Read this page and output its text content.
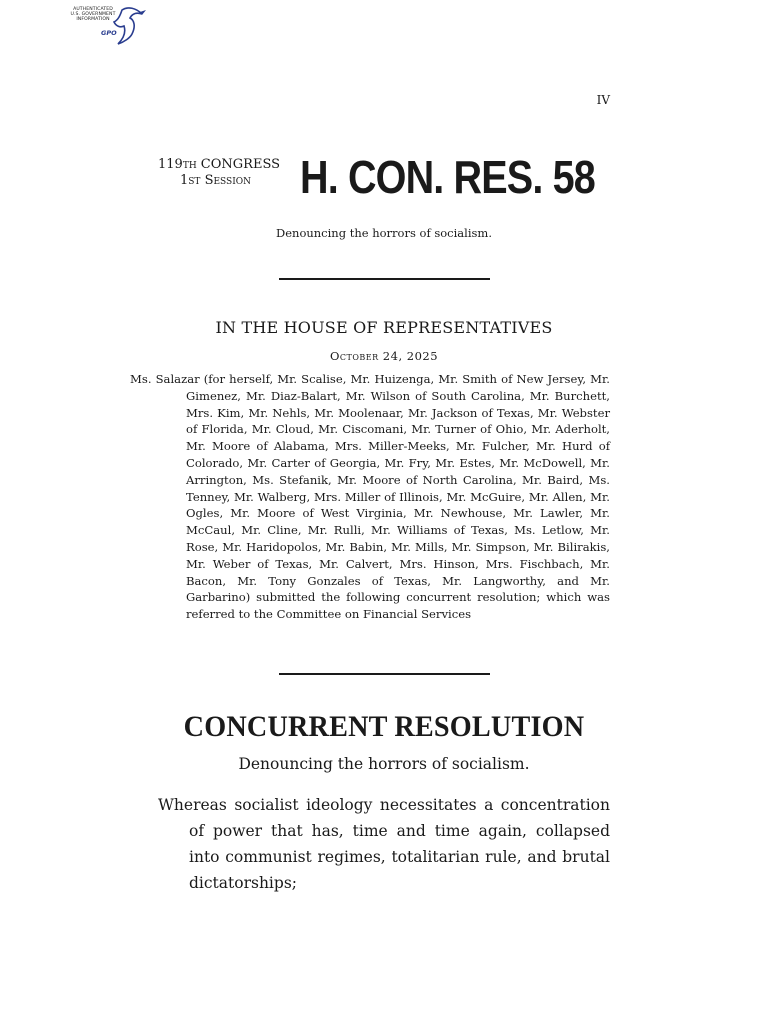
AUTHENTICATED
U.S. GOVERNMENT
INFORMATION
GPO
IV
119th CONGRESS
1st Session	H. CON. RES. 58
Denouncing the horrors of socialism.
IN THE HOUSE OF REPRESENTATIVES
October 24, 2025
Ms. Salazar (for herself, Mr. Scalise, Mr. Huizenga, Mr. Smith of New Jersey, Mr. Gimenez, Mr. Diaz-Balart, Mr. Wilson of South Carolina, Mr. Burchett, Mrs. Kim, Mr. Nehls, Mr. Moolenaar, Mr. Jackson of Texas, Mr. Webster of Florida, Mr. Cloud, Mr. Ciscomani, Mr. Turner of Ohio, Mr. Aderholt, Mr. Moore of Alabama, Mrs. Miller-Meeks, Mr. Fulcher, Mr. Hurd of Colorado, Mr. Carter of Georgia, Mr. Fry, Mr. Estes, Mr. McDowell, Mr. Arrington, Ms. Stefanik, Mr. Moore of North Carolina, Mr. Baird, Ms. Tenney, Mr. Walberg, Mrs. Miller of Illinois, Mr. McGuire, Mr. Allen, Mr. Ogles, Mr. Moore of West Virginia, Mr. Newhouse, Mr. Lawler, Mr. McCaul, Mr. Cline, Mr. Rulli, Mr. Williams of Texas, Ms. Letlow, Mr. Rose, Mr. Haridopolos, Mr. Babin, Mr. Mills, Mr. Simpson, Mr. Bilirakis, Mr. Weber of Texas, Mr. Calvert, Mrs. Hinson, Mrs. Fischbach, Mr. Bacon, Mr. Tony Gonzales of Texas, Mr. Langworthy, and Mr. Garbarino) submitted the following concurrent resolution; which was referred to the Committee on Financial Services
CONCURRENT RESOLUTION
Denouncing the horrors of socialism.
Whereas socialist ideology necessitates a concentration of power that has, time and time again, collapsed into communist regimes, totalitarian rule, and brutal dictatorships;
